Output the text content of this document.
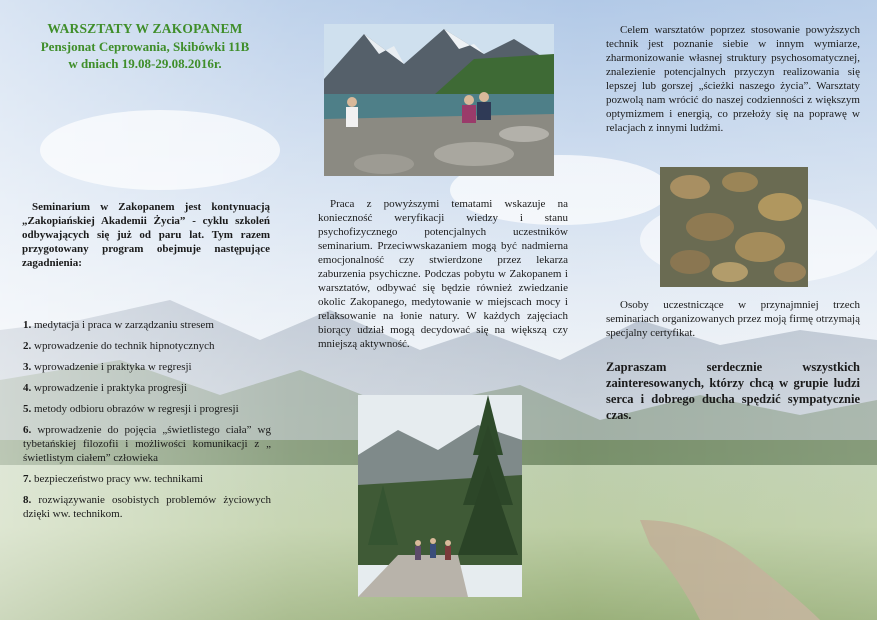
WARSZTATY W ZAKOPANEM
Pensjonat Ceprowania, Skibówki 11B
w dniach 19.08-29.08.2016r.
Seminarium w Zakopanem jest kontynuacją „Zakopiańskiej Akademii Życia” - cyklu szkoleń odbywających się już od paru lat. Tym razem przygotowany program obejmuje następujące zagadnienia:
1. medytacja i praca w zarządzaniu stresem
2. wprowadzenie do technik hipnotycznych
3. wprowadzenie i praktyka w regresji
4. wprowadzenie i praktyka progresji
5. metody odbioru obrazów w regresji i progresji
6. wprowadzenie do pojęcia „świetlistego ciała” wg tybetańskiej filozofii i możliwości komunikacji z „ świetlistym ciałem” człowieka
7. bezpieczeństwo pracy ww. technikami
8. rozwiązywanie osobistych problemów życiowych dzięki ww. technikom.
Praca z powyższymi tematami wskazuje na konieczność weryfikacji wiedzy i stanu psychofizycznego potencjalnych uczestników seminarium. Przeciwwskazaniem mogą być nadmierna emocjonalność czy stwierdzone przez lekarza zaburzenia psychiczne. Podczas pobytu w Zakopanem i warsztatów, odbywać się będzie również zwiedzanie okolic Zakopanego, medytowanie w miejscach mocy i relaksowanie na łonie natury. W każdych zajęciach biorący udział mogą decydować się na większą czy mniejszą aktywność.
Celem warsztatów poprzez stosowanie powyższych technik jest poznanie siebie w innym wymiarze, zharmonizowanie własnej struktury psychosomatycznej, znalezienie potencjalnych przyczyn realizowania się lepszej lub gorszej „ścieżki naszego życia”. Warsztaty pozwolą nam wrócić do naszej codzienności z większym optymizmem i energią, co przełoży się na poprawę w relacjach z innymi ludźmi.
Osoby uczestniczące w przynajmniej trzech seminariach organizowanych przez moją firmę otrzymają specjalny certyfikat.
Zapraszam serdecznie wszystkich zainteresowanych, którzy chcą w grupie ludzi serca i dobrego ducha spędzić sympatycznie czas.
